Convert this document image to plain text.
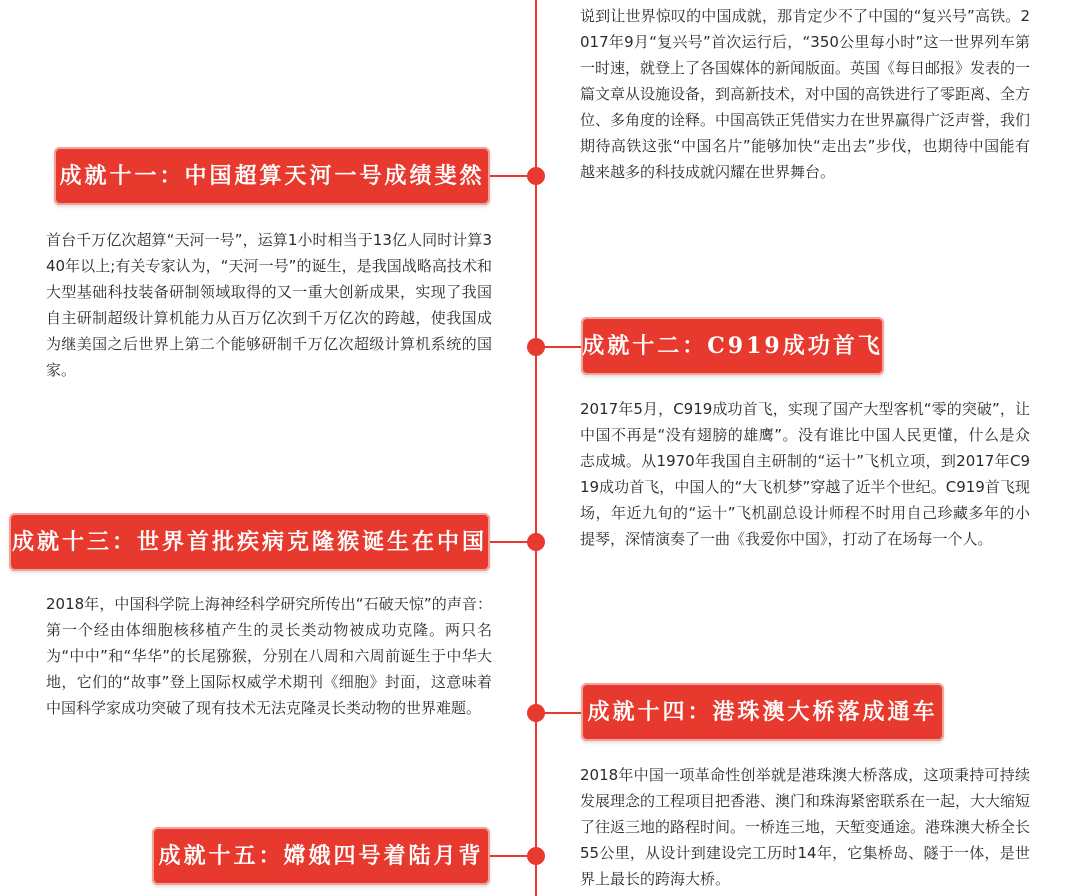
说到让世界惊叹的中国成就，那肯定少不了中国的“复兴号”高铁。2017年9月“复兴号”首次运行后，“350公里每小时”这一世界列车第一时速，就登上了各国媒体的新闻版面。英国《每日邮报》发表的一篇文章从设施设备，到高新技术，对中国的高铁进行了零距离、全方位、多角度的诠释。中国高铁正凭借实力在世界赢得广泛声誉，我们期待高铁这张“中国名片”能够加快“走出去”步伐，也期待中国能有越来越多的科技成就闪耀在世界舞台。
成就十一：中国超算天河一号成绩斐然
首台千万亿次超算“天河一号”，运算1小时相当于13亿人同时计算340年以上;有关专家认为，“天河一号”的诞生，是我国战略高技术和大型基础科技装备研制领域取得的又一重大创新成果，实现了我国自主研制超级计算机能力从百万亿次到千万亿次的跨越，使我国成为继美国之后世界上第二个能够研制千万亿次超级计算机系统的国家。
成就十二：C919成功首飞
2017年5月，C919成功首飞，实现了国产大型客机“零的突破”，让中国不再是“没有翅膀的雄鹰”。没有谁比中国人民更懂，什么是众志成城。从1970年我国自主研制的“运十”飞机立项，到2017年C919成功首飞，中国人的“大飞机梦”穿越了近半个世纪。C919首飞现场，年近九旬的“运十”飞机副总设计师程不时用自己珍藏多年的小提琴，深情演奏了一曲《我爱你中国》，打动了在场每一个人。
成就十三：世界首批疾病克隆猴诞生在中国
2018年，中国科学院上海神经科学研究所传出“石破天惊”的声音：第一个经由体细胞核移植产生的灵长类动物被成功克隆。两只名为“中中”和“华华”的长尾猕猴，分别在八周和六周前诞生于中华大地，它们的“故事”登上国际权威学术期刊《细胞》封面，这意味着中国科学家成功突破了现有技术无法克隆灵长类动物的世界难题。	成就十四：港珠澳大桥落成通车
2018年中国一项革命性创举就是港珠澳大桥落成，这项秉持可持续发展理念的工程项目把香港、澳门和珠海紧密联系在一起，大大缩短了往返三地的路程时间。一桥连三地，天堑变通途。港珠澳大桥全长55公里，从设计到建设完工历时14年，它集桥岛、隧于一体，是世界上最长的跨海大桥。
成就十五：嫦娥四号着陆月背
